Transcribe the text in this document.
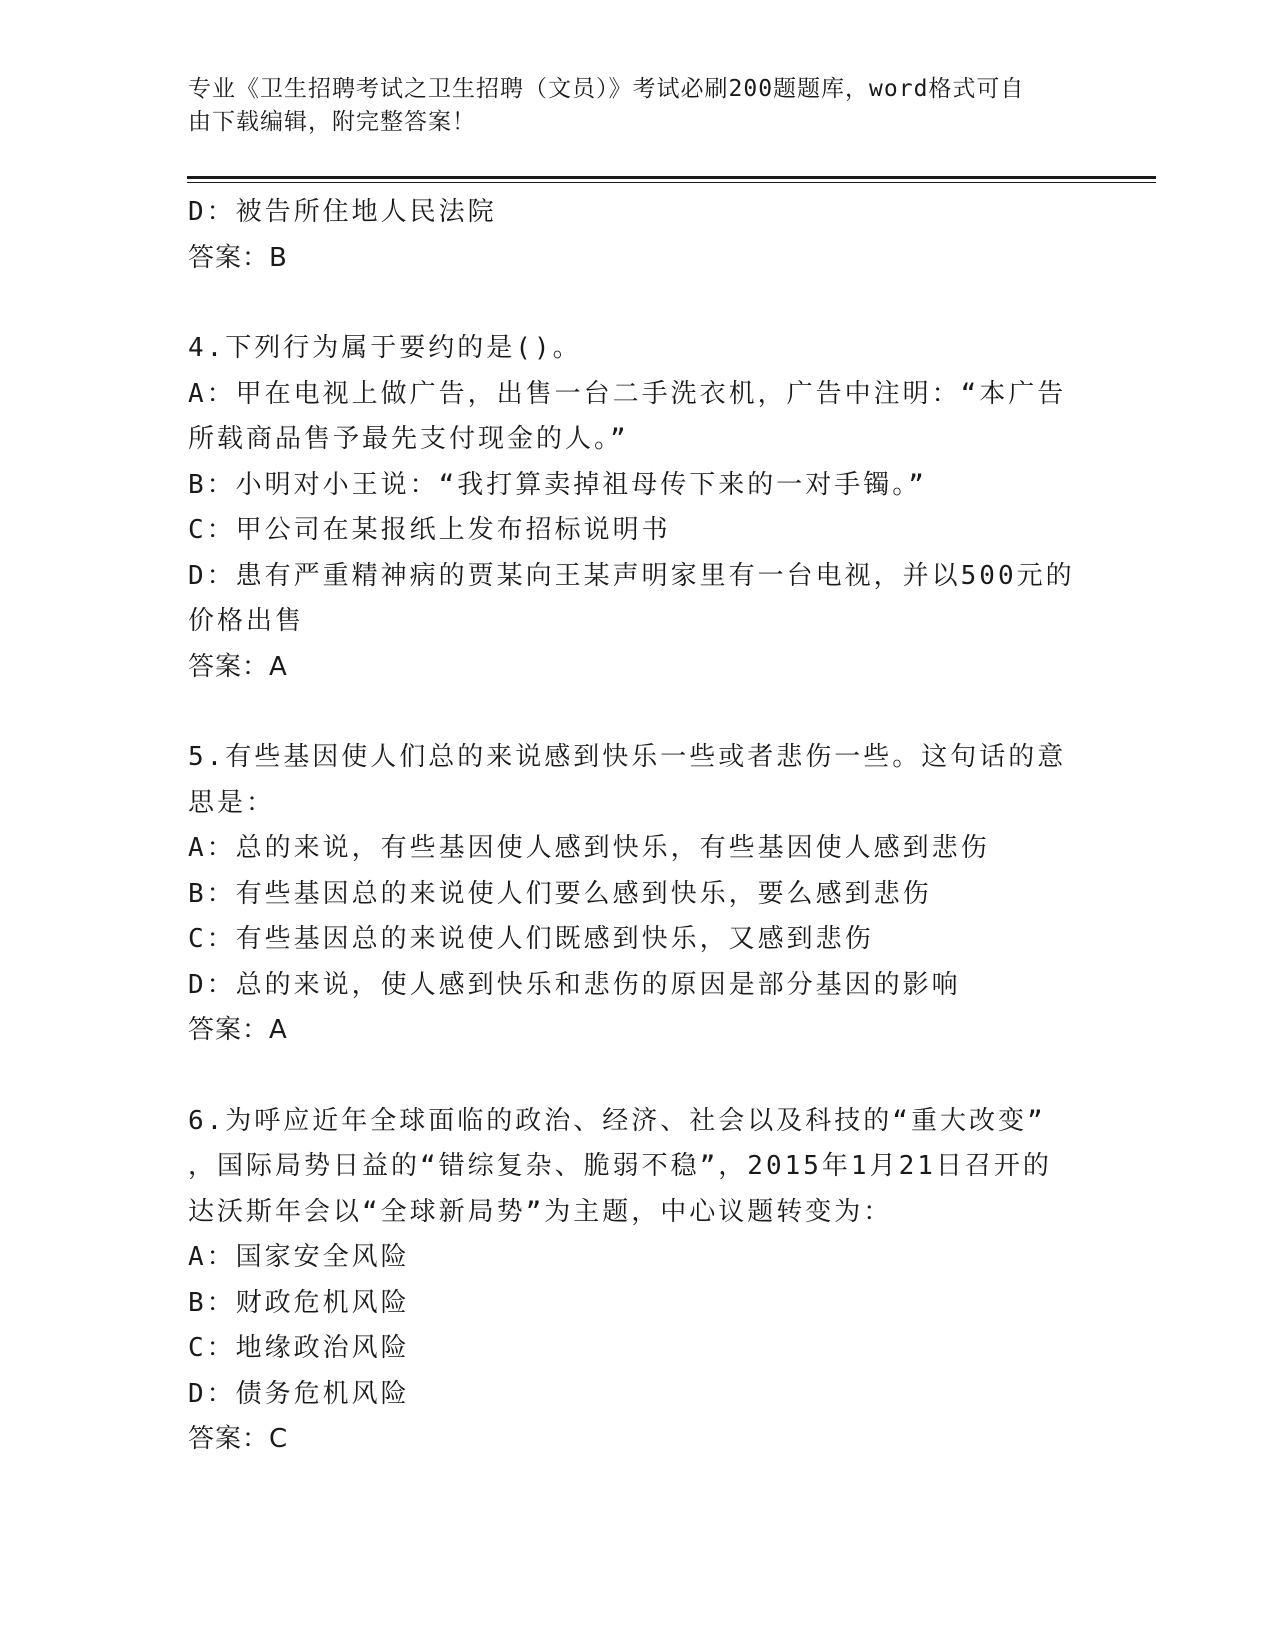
专业《卫生招聘考试之卫生招聘（文员）》考试必刷200题题库，word格式可自
由下载编辑，附完整答案！
D：被告所住地人民法院
答案：B
4.下列行为属于要约的是()。
A：甲在电视上做广告，出售一台二手洗衣机，广告中注明：“本广告
所载商品售予最先支付现金的人。”
B：小明对小王说：“我打算卖掉祖母传下来的一对手镯。”
C：甲公司在某报纸上发布招标说明书
D：患有严重精神病的贾某向王某声明家里有一台电视，并以500元的
价格出售
答案：A
5.有些基因使人们总的来说感到快乐一些或者悲伤一些。这句话的意
思是：
A：总的来说，有些基因使人感到快乐，有些基因使人感到悲伤
B：有些基因总的来说使人们要么感到快乐，要么感到悲伤
C：有些基因总的来说使人们既感到快乐，又感到悲伤
D：总的来说，使人感到快乐和悲伤的原因是部分基因的影响
答案：A
6.为呼应近年全球面临的政治、经济、社会以及科技的“重大改变”
，国际局势日益的“错综复杂、脆弱不稳”，2015年1月21日召开的
达沃斯年会以“全球新局势”为主题，中心议题转变为：
A：国家安全风险
B：财政危机风险
C：地缘政治风险
D：债务危机风险
答案：C
